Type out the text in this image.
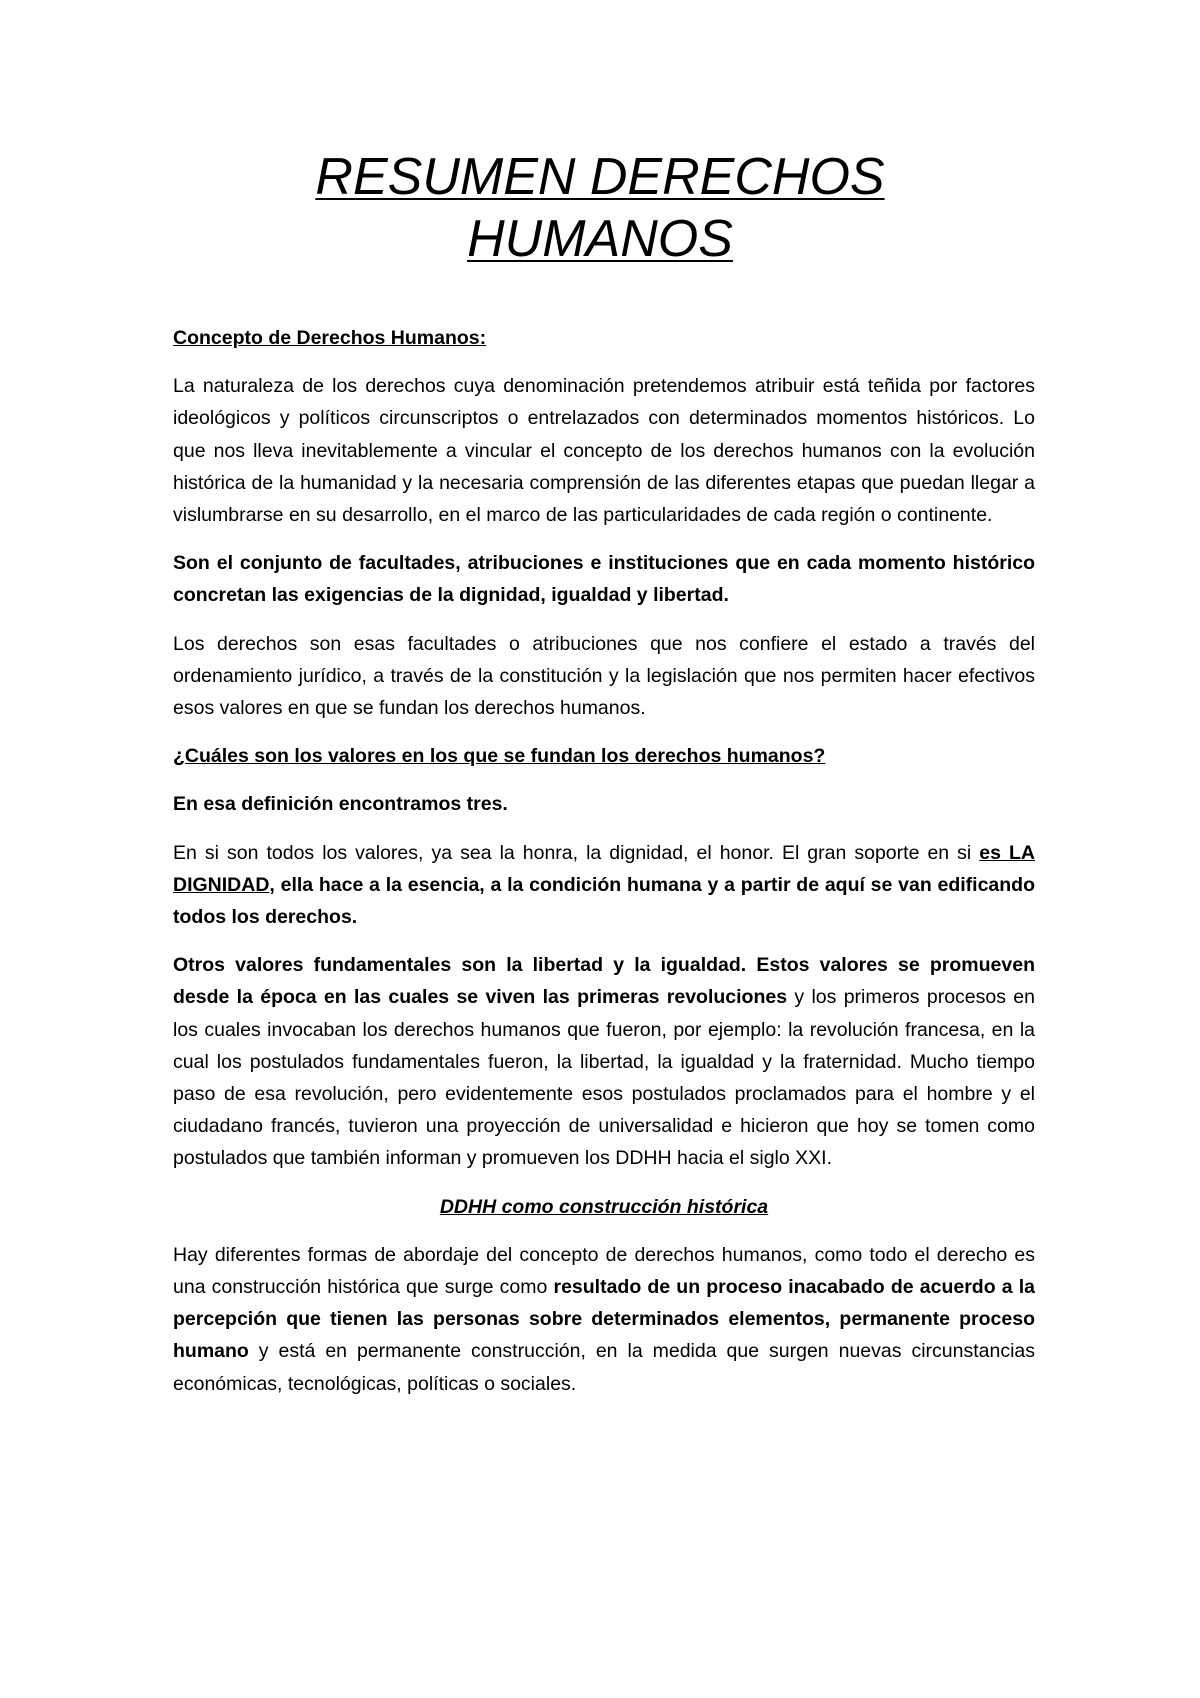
RESUMEN DERECHOS
HUMANOS

Concepto de Derechos Humanos:

La naturaleza de los derechos cuya denominación pretendemos atribuir está teñida por factores ideológicos y políticos circunscriptos o entrelazados con determinados momentos históricos. Lo que nos lleva inevitablemente a vincular el concepto de los derechos humanos con la evolución histórica de la humanidad y la necesaria comprensión de las diferentes etapas que puedan llegar a vislumbrarse en su desarrollo, en el marco de las particularidades de cada región o continente.

Son el conjunto de facultades, atribuciones e instituciones que en cada momento histórico concretan las exigencias de la dignidad, igualdad y libertad.

Los derechos son esas facultades o atribuciones que nos confiere el estado a través del ordenamiento jurídico, a través de la constitución y la legislación que nos permiten hacer efectivos esos valores en que se fundan los derechos humanos.

¿Cuáles son los valores en los que se fundan los derechos humanos?

En esa definición encontramos tres.

En si son todos los valores, ya sea la honra, la dignidad, el honor. El gran soporte en si es LA DIGNIDAD, ella hace a la esencia, a la condición humana y a partir de aquí se van edificando todos los derechos.

Otros valores fundamentales son la libertad y la igualdad. Estos valores se promueven desde la época en las cuales se viven las primeras revoluciones y los primeros procesos en los cuales invocaban los derechos humanos que fueron, por ejemplo: la revolución francesa, en la cual los postulados fundamentales fueron, la libertad, la igualdad y la fraternidad. Mucho tiempo paso de esa revolución, pero evidentemente esos postulados proclamados para el hombre y el ciudadano francés, tuvieron una proyección de universalidad e hicieron que hoy se tomen como postulados que también informan y promueven los DDHH hacia el siglo XXI.

DDHH como construcción histórica

Hay diferentes formas de abordaje del concepto de derechos humanos, como todo el derecho es una construcción histórica que surge como resultado de un proceso inacabado de acuerdo a la percepción que tienen las personas sobre determinados elementos, permanente proceso humano y está en permanente construcción, en la medida que surgen nuevas circunstancias económicas, tecnológicas, políticas o sociales.
